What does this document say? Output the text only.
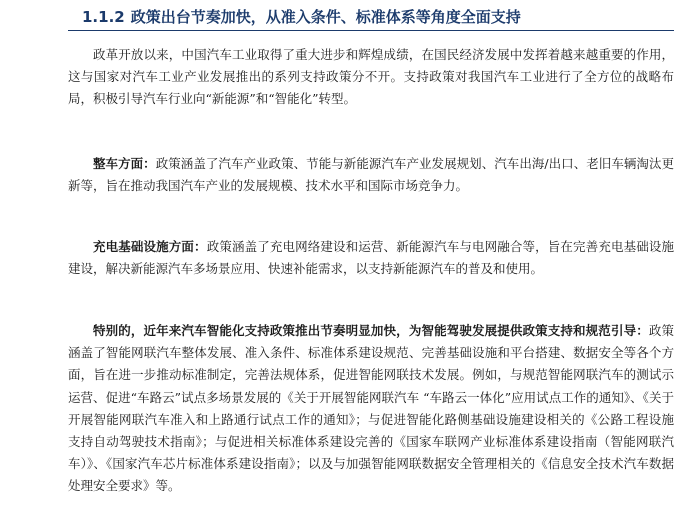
1.1.2 政策出台节奏加快，从准入条件、标准体系等角度全面支持

政革开放以来，中国汽车工业取得了重大进步和辉煌成绩，在国民经济发展中发挥着越来越重要的作用，这与国家对汽车工业产业发展推出的系列支持政策分不开。支持政策对我国汽车工业进行了全方位的战略布局，积极引导汽车行业向“新能源”和“智能化”转型。

整车方面：政策涵盖了汽车产业政策、节能与新能源汽车产业发展规划、汽车出海/出口、老旧车辆淘汰更新等，旨在推动我国汽车产业的发展规模、技术水平和国际市场竞争力。

充电基础设施方面：政策涵盖了充电网络建设和运营、新能源汽车与电网融合等，旨在完善充电基础设施建设，解决新能源汽车多场景应用、快速补能需求，以支持新能源汽车的普及和使用。

特别的，近年来汽车智能化支持政策推出节奏明显加快，为智能驾驶发展提供政策支持和规范引导：政策涵盖了智能网联汽车整体发展、准入条件、标准体系建设规范、完善基础设施和平台搭建、数据安全等各个方面，旨在进一步推动标准制定，完善法规体系，促进智能网联技术发展。例如，与规范智能网联汽车的测试示运营、促进“车路云”试点多场景发展的《关于开展智能网联汽车 “车路云一体化”应用试点工作的通知》、《关于开展智能网联汽车准入和上路通行试点工作的通知》；与促进智能化路侧基础设施建设相关的《公路工程设施支持自动驾驶技术指南》；与促进相关标准体系建设完善的《国家车联网产业标准体系建设指南（智能网联汽车）》、《国家汽车芯片标准体系建设指南》；以及与加强智能网联数据安全管理相关的《信息安全技术汽车数据处理安全要求》等。
